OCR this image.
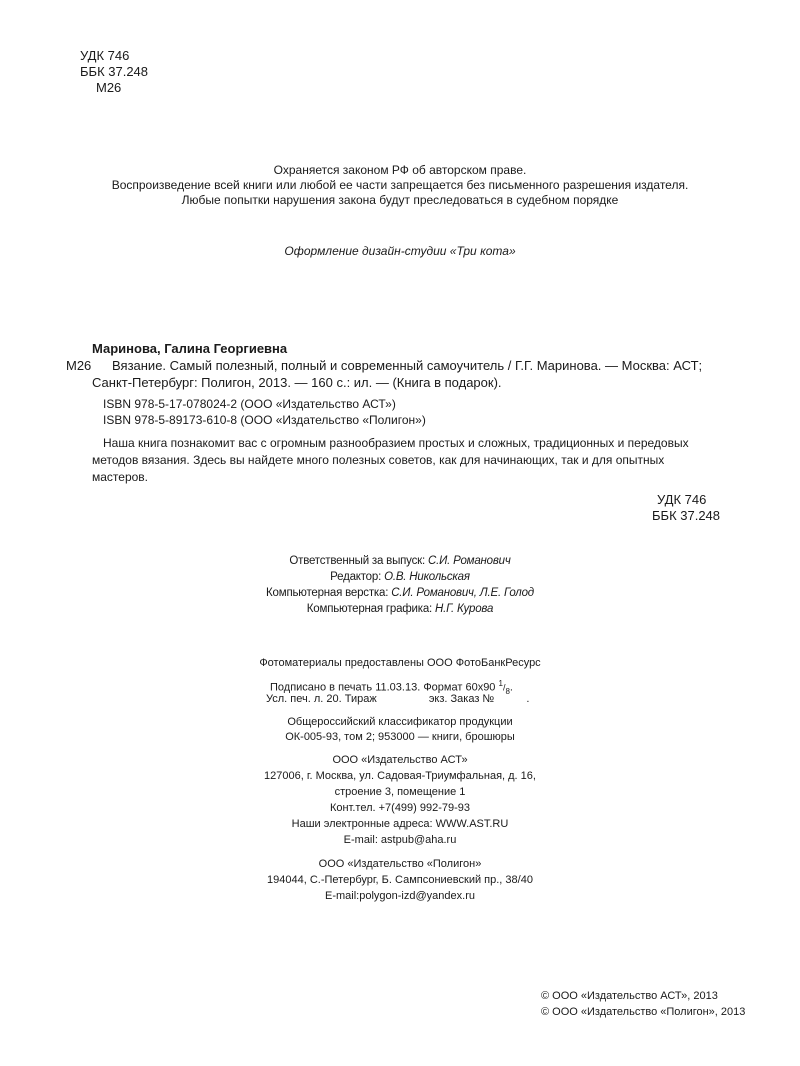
УДК 746
ББК 37.248
М26
Охраняется законом РФ об авторском праве.
Воспроизведение всей книги или любой ее части запрещается без письменного разрешения издателя.
Любые попытки нарушения закона будут преследоваться в судебном порядке
Оформление дизайн-студии «Три кота»
Маринова, Галина Георгиевна
М26 Вязание. Самый полезный, полный и современный самоучитель / Г.Г. Маринова. — Москва: АСТ;
Санкт-Петербург: Полигон, 2013. — 160 с.: ил. — (Книга в подарок).
ISBN 978-5-17-078024-2 (ООО «Издательство АСТ»)
ISBN 978-5-89173-610-8 (ООО «Издательство «Полигон»)
Наша книга познакомит вас с огромным разнообразием простых и сложных, традиционных и передовых
методов вязания. Здесь вы найдете много полезных советов, как для начинающих, так и для опытных
мастеров.
УДК 746
ББК 37.248
Ответственный за выпуск: С.И. Романович
Редактор: О.В. Никольская
Компьютерная верстка: С.И. Романович, Л.Е. Голод
Компьютерная графика: Н.Г. Курова
Фотоматериалы предоставлены ООО ФотоБанкРесурс
Подписано в печать 11.03.13. Формат 60х90 $^1/_8$.
Усл. печ. л. 20. Тираж	экз. Заказ №	.
Общероссийский классификатор продукции
ОК-005-93, том 2; 953000 — книги, брошюры
ООО «Издательство АСТ»
127006, г. Москва, ул. Садовая-Триумфальная, д. 16,
строение 3, помещение 1
Конт.тел. +7(499) 992-79-93
Наши электронные адреса: WWW.AST.RU
E-mail: astpub@aha.ru
ООО «Издательство «Полигон»
194044, С.-Петербург, Б. Сампсониевский пр., 38/40
E-mail:polygon-izd@yandex.ru
© ООО «Издательство АСТ», 2013
© ООО «Издательство «Полигон», 2013
